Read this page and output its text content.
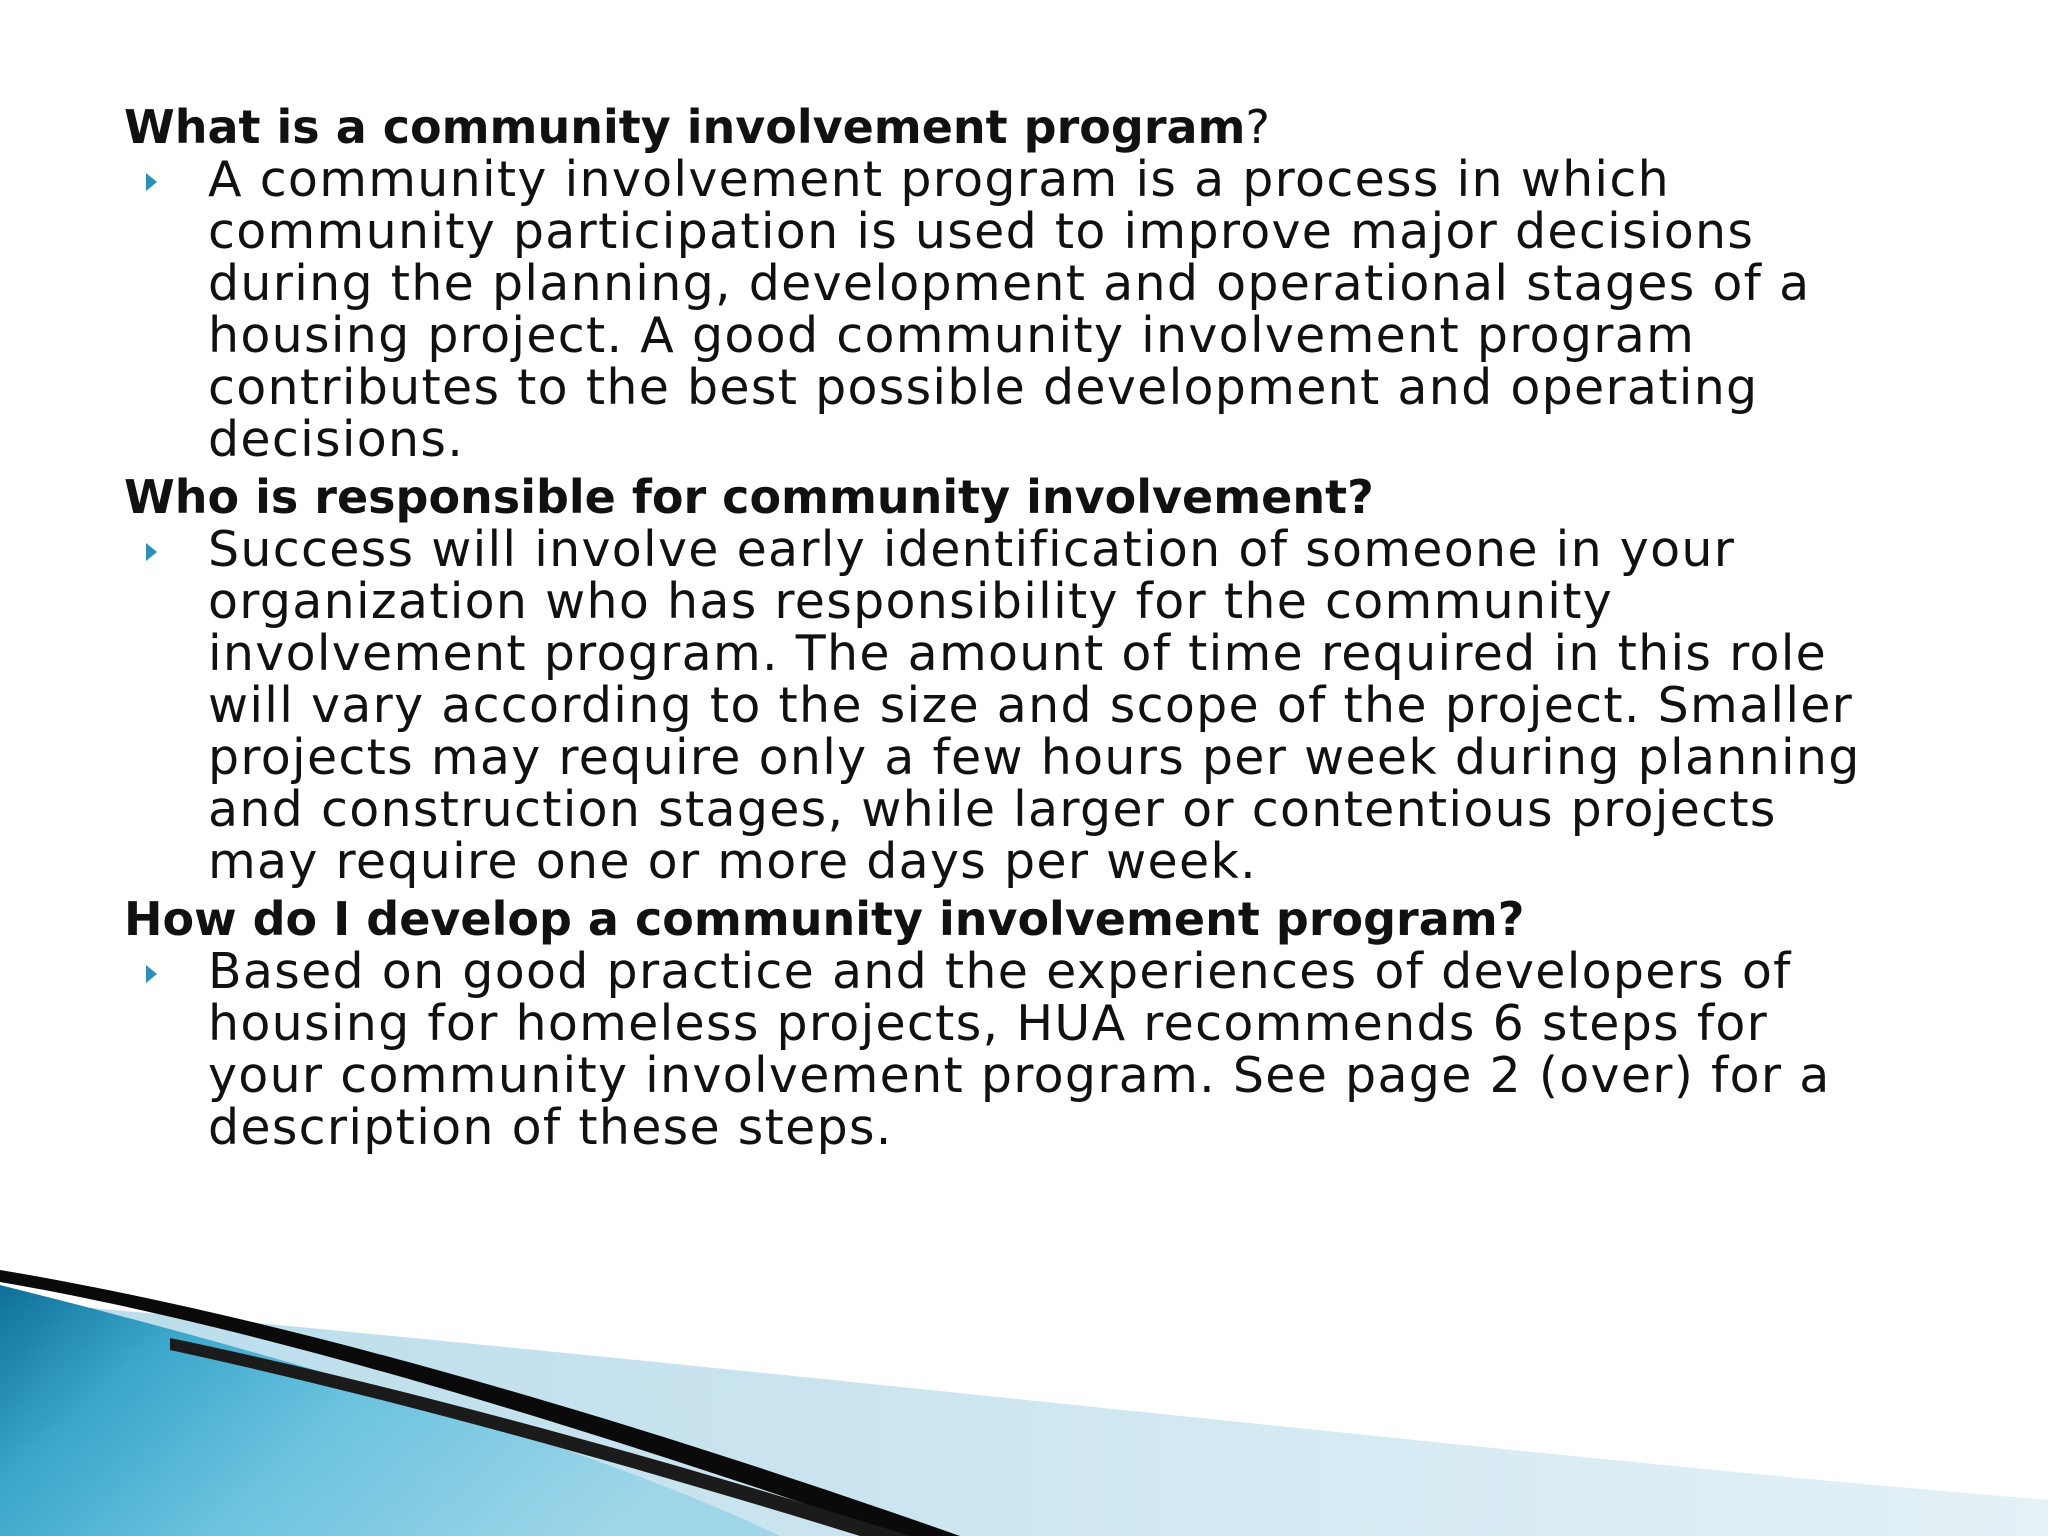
What is a community involvement program?

A community involvement program is a process in which
community participation is used to improve major decisions
during the planning, development and operational stages of a
housing project. A good community involvement program
contributes to the best possible development and operating
decisions.

Who is responsible for community involvement?

Success will involve early identification of someone in your
organization who has responsibility for the community
involvement program. The amount of time required in this role
will vary according to the size and scope of the project. Smaller
projects may require only a few hours per week during planning
and construction stages, while larger or contentious projects
may require one or more days per week.

How do I develop a community involvement program?

Based on good practice and the experiences of developers of
housing for homeless projects, HUA recommends 6 steps for
your community involvement program. See page 2 (over) for a
description of these steps.
